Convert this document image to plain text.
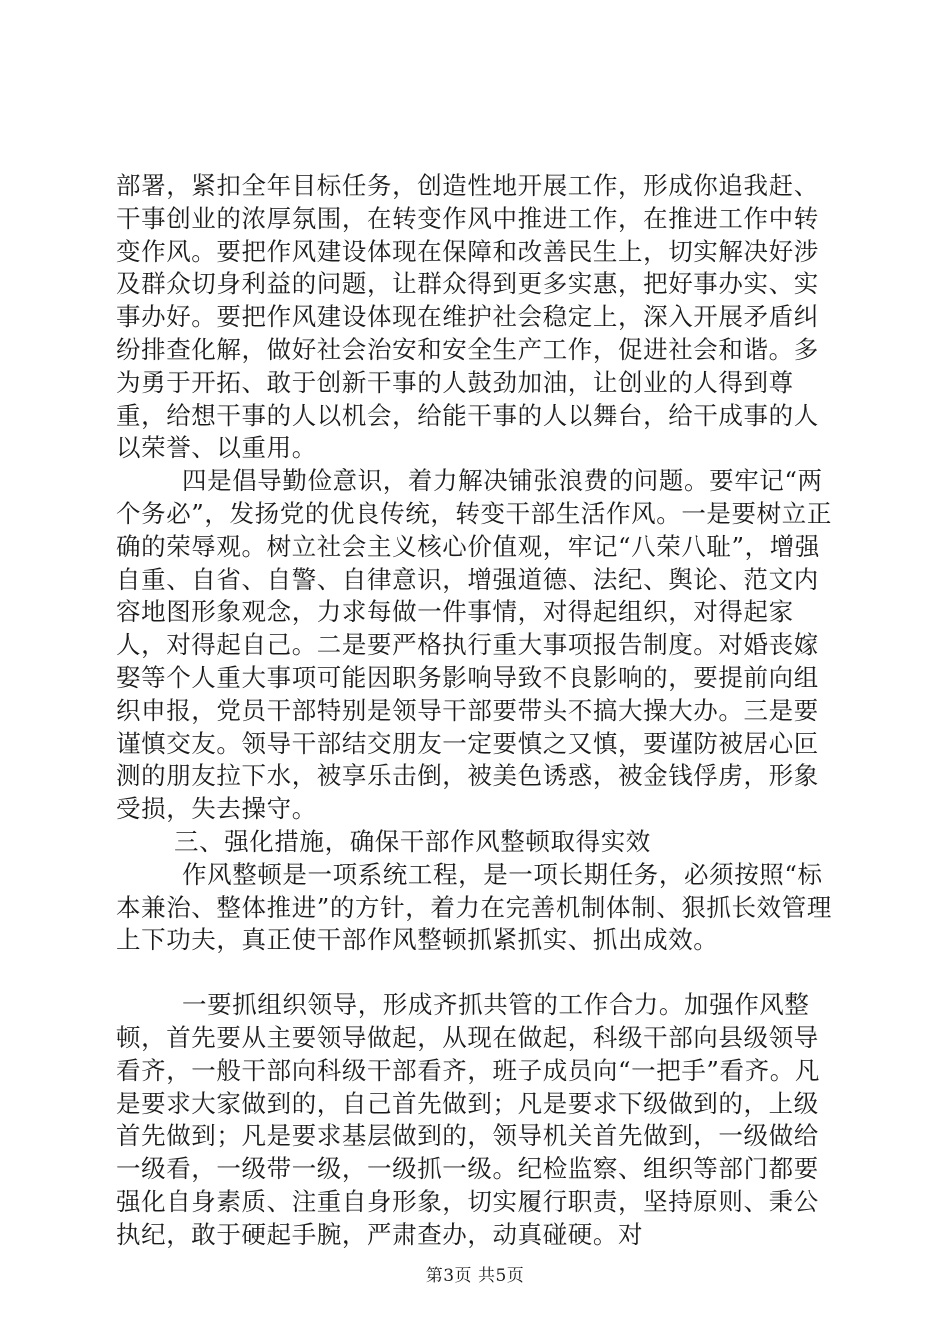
部署，紧扣全年目标任务，创造性地开展工作，形成你追我赶、干事创业的浓厚氛围，在转变作风中推进工作，在推进工作中转变作风。要把作风建设体现在保障和改善民生上，切实解决好涉及群众切身利益的问题，让群众得到更多实惠，把好事办实、实事办好。要把作风建设体现在维护社会稳定上，深入开展矛盾纠纷排查化解，做好社会治安和安全生产工作，促进社会和谐。多为勇于开拓、敢于创新干事的人鼓劲加油，让创业的人得到尊重，给想干事的人以机会，给能干事的人以舞台，给干成事的人以荣誉、以重用。

四是倡导勤俭意识，着力解决铺张浪费的问题。要牢记“两个务必”，发扬党的优良传统，转变干部生活作风。一是要树立正确的荣辱观。树立社会主义核心价值观，牢记“八荣八耻”，增强自重、自省、自警、自律意识，增强道德、法纪、舆论、范文内容地图形象观念，力求每做一件事情，对得起组织，对得起家人，对得起自己。二是要严格执行重大事项报告制度。对婚丧嫁娶等个人重大事项可能因职务影响导致不良影响的，要提前向组织申报，党员干部特别是领导干部要带头不搞大操大办。三是要谨慎交友。领导干部结交朋友一定要慎之又慎，要谨防被居心叵测的朋友拉下水，被享乐击倒，被美色诱惑，被金钱俘虏，形象受损，失去操守。

三、强化措施，确保干部作风整顿取得实效

作风整顿是一项系统工程，是一项长期任务，必须按照“标本兼治、整体推进”的方针，着力在完善机制体制、狠抓长效管理上下功夫，真正使干部作风整顿抓紧抓实、抓出成效。

一要抓组织领导，形成齐抓共管的工作合力。加强作风整顿，首先要从主要领导做起，从现在做起，科级干部向县级领导看齐，一般干部向科级干部看齐，班子成员向“一把手”看齐。凡是要求大家做到的，自己首先做到；凡是要求下级做到的，上级首先做到；凡是要求基层做到的，领导机关首先做到，一级做给一级看，一级带一级，一级抓一级。纪检监察、组织等部门都要强化自身素质、注重自身形象，切实履行职责，坚持原则、秉公执纪，敢于硬起手腕，严肃查办，动真碰硬。对

第3页 共5页
